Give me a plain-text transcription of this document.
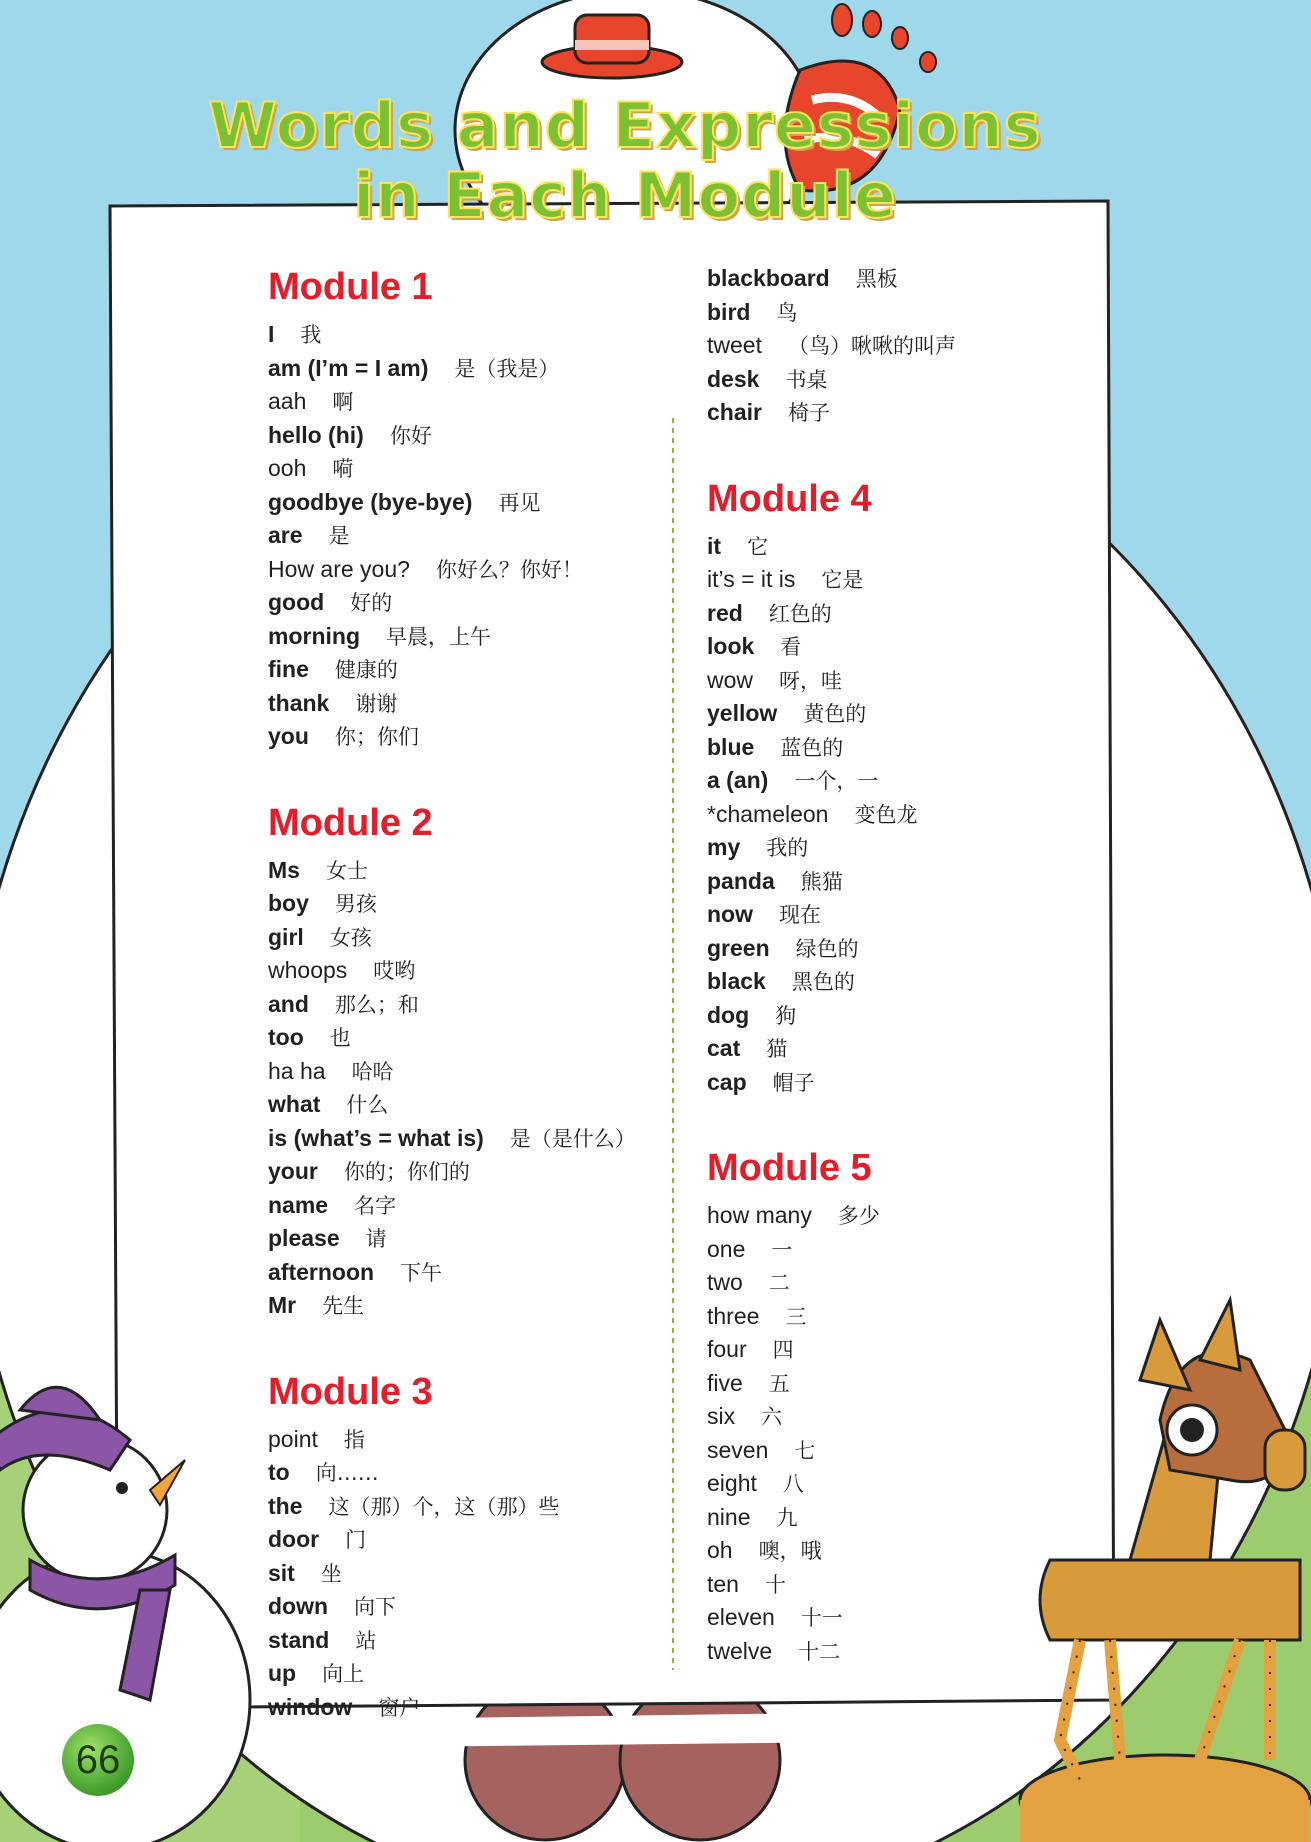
Words and Expressions
in Each Module
Module 1
I 我
am (I’m = I am) 是（我是）
aah 啊
hello (hi) 你好
ooh 嗬
goodbye (bye-bye) 再见
are 是
How are you? 你好么？你好！
good 好的
morning 早晨，上午
fine 健康的
thank 谢谢
you 你；你们
Module 2
Ms 女士
boy 男孩
girl 女孩
whoops 哎哟
and 那么；和
too 也
ha ha 哈哈
what 什么
is (what’s = what is) 是（是什么）
your 你的；你们的
name 名字
please 请
afternoon 下午
Mr 先生
Module 3
point 指
to 向……
the 这（那）个，这（那）些
door 门
sit 坐
down 向下
stand 站
up 向上
window 窗户
blackboard 黑板
bird 鸟
tweet （鸟）啾啾的叫声
desk 书桌
chair 椅子
Module 4
it 它
it’s = it is 它是
red 红色的
look 看
wow 呀，哇
yellow 黄色的
blue 蓝色的
a (an) 一个，一
*chameleon 变色龙
my 我的
panda 熊猫
now 现在
green 绿色的
black 黑色的
dog 狗
cat 猫
cap 帽子
Module 5
how many 多少
one 一
two 二
three 三
four 四
five 五
six 六
seven 七
eight 八
nine 九
oh 噢，哦
ten 十
eleven 十一
twelve 十二
66
